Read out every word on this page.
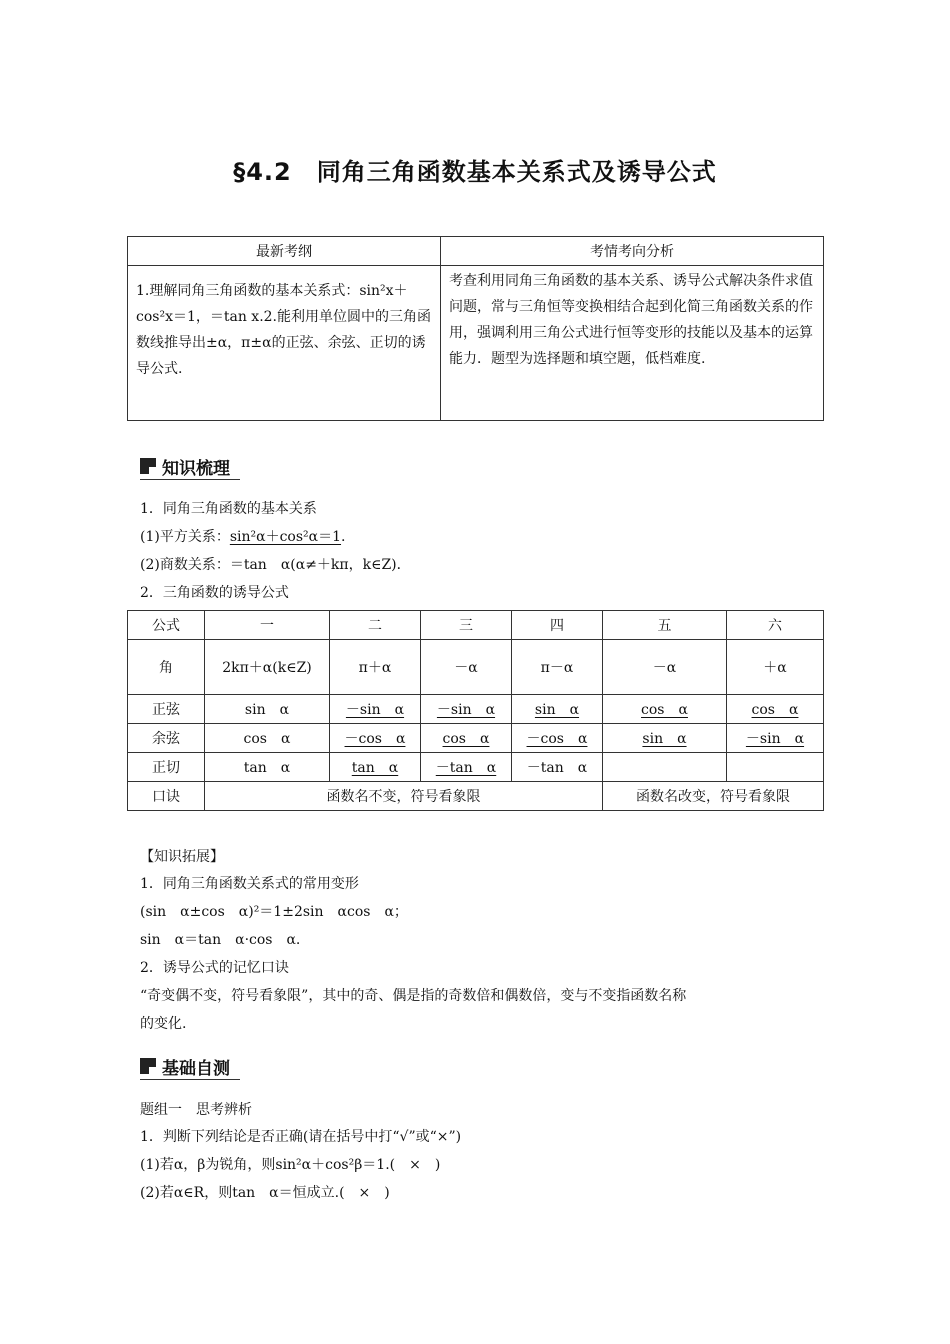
§4.2　同角三角函数基本关系式及诱导公式
最新考纲	考情考向分析
1.理解同角三角函数的基本关系式：sin²x＋cos²x＝1，＝tan x.2.能利用单位圆中的三角函数线推导出±α，π±α的正弦、余弦、正切的诱导公式.	考查利用同角三角函数的基本关系、诱导公式解决条件求值问题，常与三角恒等变换相结合起到化简三角函数关系的作用，强调利用三角公式进行恒等变形的技能以及基本的运算能力．题型为选择题和填空题，低档难度.
知识梳理
1．同角三角函数的基本关系
(1)平方关系：sin²α＋cos²α＝1.
(2)商数关系：＝tan　α(α≠＋kπ，k∈Z)．
2．三角函数的诱导公式
公式	一	二	三	四	五	六
角	2kπ＋α(k∈Z)	π＋α	－α	π－α	－α	＋α
正弦	sin　α	－sin　α	－sin　α	sin　α	cos　α	cos　α
余弦	cos　α	－cos　α	cos　α	－cos　α	sin　α	－sin　α
正切	tan　α	tan　α	－tan　α	－tan　α		
口诀	函数名不变，符号看象限				函数名改变，符号看象限	
【知识拓展】
1．同角三角函数关系式的常用变形
(sin　α±cos　α)²＝1±2sin　αcos　α；
sin　α＝tan　α·cos　α.
2．诱导公式的记忆口诀
“奇变偶不变，符号看象限”，其中的奇、偶是指的奇数倍和偶数倍，变与不变指函数名称
的变化.
基础自测
题组一　思考辨析
1．判断下列结论是否正确(请在括号中打“√”或“×”)
(1)若α，β为锐角，则sin²α＋cos²β＝1.(　×　)
(2)若α∈R，则tan　α＝恒成立.(　×　)
